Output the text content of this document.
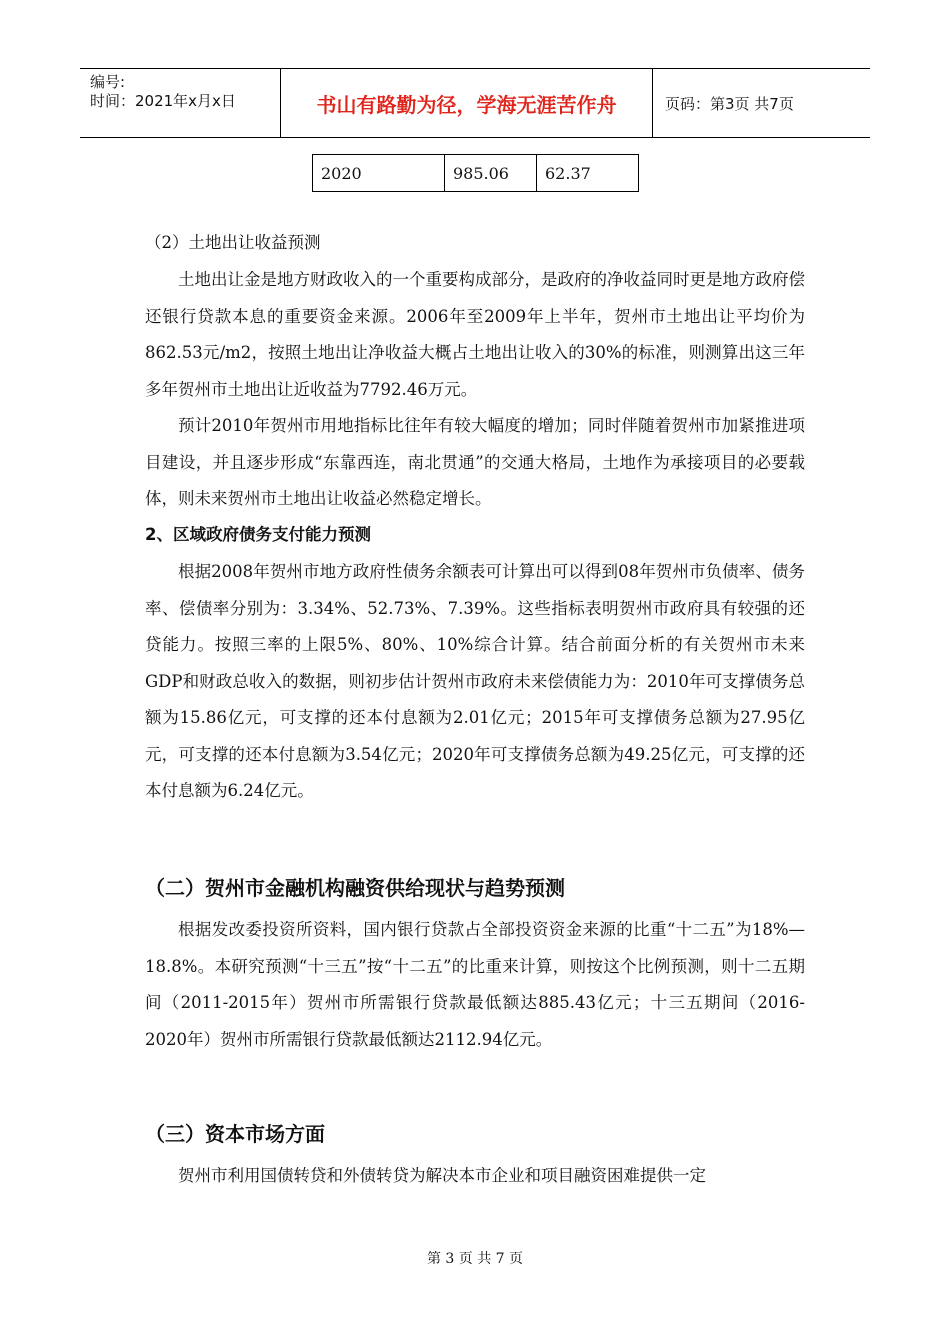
编号:
时间：2021年x月x日	书山有路勤为径，学海无涯苦作舟	页码：第3页 共7页
2020	985.06	62.37

（2）土地出让收益预测

土地出让金是地方财政收入的一个重要构成部分，是政府的净收益同时更是地方政府偿还银行贷款本息的重要资金来源。2006年至2009年上半年，贺州市土地出让平均价为862.53元/m2，按照土地出让净收益大概占土地出让收入的30%的标准，则测算出这三年多年贺州市土地出让近收益为7792.46万元。

预计2010年贺州市用地指标比往年有较大幅度的增加；同时伴随着贺州市加紧推进项目建设，并且逐步形成“东靠西连，南北贯通”的交通大格局，土地作为承接项目的必要载体，则未来贺州市土地出让收益必然稳定增长。

2、区域政府债务支付能力预测

根据2008年贺州市地方政府性债务余额表可计算出可以得到08年贺州市负债率、债务率、偿债率分别为：3.34%、52.73%、7.39%。这些指标表明贺州市政府具有较强的还贷能力。按照三率的上限5%、80%、10%综合计算。结合前面分析的有关贺州市未来GDP和财政总收入的数据，则初步估计贺州市政府未来偿债能力为：2010年可支撑债务总额为15.86亿元，可支撑的还本付息额为2.01亿元；2015年可支撑债务总额为27.95亿元，可支撑的还本付息额为3.54亿元；2020年可支撑债务总额为49.25亿元，可支撑的还本付息额为6.24亿元。

（二）贺州市金融机构融资供给现状与趋势预测

根据发改委投资所资料，国内银行贷款占全部投资资金来源的比重“十二五”为18%—18.8%。本研究预测“十三五”按“十二五”的比重来计算，则按这个比例预测，则十二五期间（2011-2015年）贺州市所需银行贷款最低额达885.43亿元；十三五期间（2016-2020年）贺州市所需银行贷款最低额达2112.94亿元。

（三）资本市场方面

贺州市利用国债转贷和外债转贷为解决本市企业和项目融资困难提供一定

第 3 页 共 7 页
